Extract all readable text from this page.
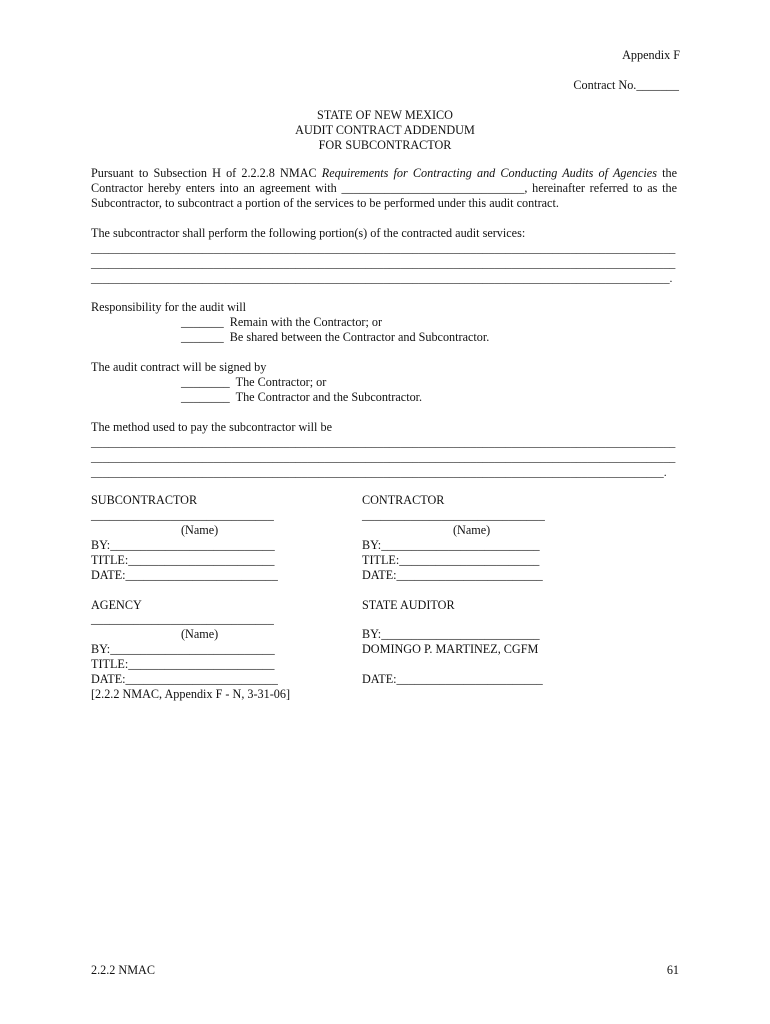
Appendix F
Contract No._______
STATE OF NEW MEXICO
AUDIT CONTRACT ADDENDUM
FOR SUBCONTRACTOR
Pursuant to Subsection H of 2.2.2.8 NMAC Requirements for Contracting and Conducting Audits of Agencies the Contractor hereby enters into an agreement with ______________________________, hereinafter referred to as the Subcontractor, to subcontract a portion of the services to be performed under this audit contract.
The subcontractor shall perform the following portion(s) of the contracted audit services:
____________________________________________________________________________________________________
____________________________________________________________________________________________________
___________________________________________________________________________________________________.
Responsibility for the audit will
_______  Remain with the Contractor; or
_______  Be shared between the Contractor and Subcontractor.
The audit contract will be signed by
________  The Contractor; or
________  The Contractor and the Subcontractor.
The method used to pay the subcontractor will be
____________________________________________________________________________________________________
____________________________________________________________________________________________________
__________________________________________________________________________________________________.
SUBCONTRACTOR
______________________________
(Name)
BY:___________________________
TITLE:________________________
DATE:_________________________
CONTRACTOR
______________________________
(Name)
BY:__________________________
TITLE:_______________________
DATE:________________________
AGENCY
______________________________
(Name)
BY:___________________________
TITLE:________________________
DATE:_________________________
[2.2.2 NMAC, Appendix F - N, 3-31-06]
STATE AUDITOR
BY:__________________________
DOMINGO P. MARTINEZ, CGFM
DATE:________________________
2.2.2 NMAC	61
